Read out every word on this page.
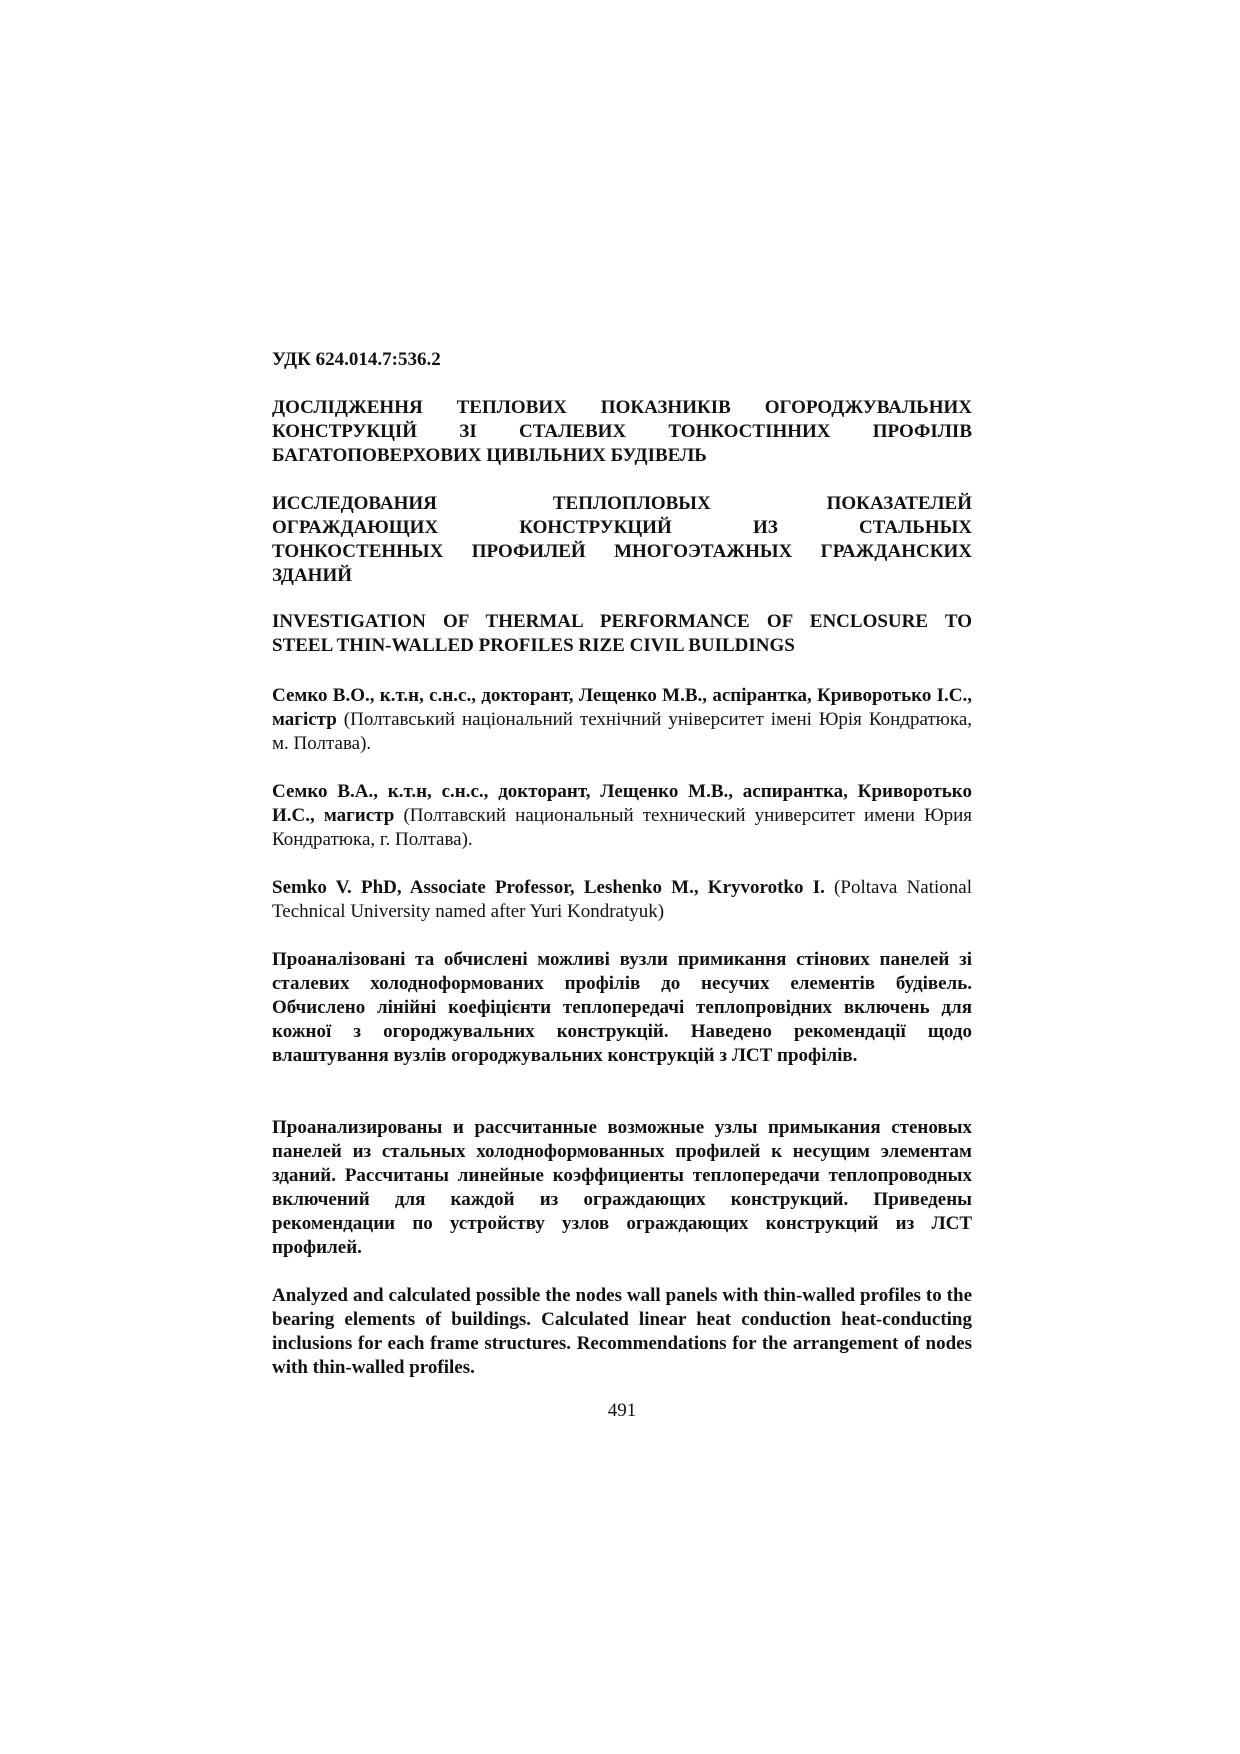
УДК 624.014.7:536.2
ДОСЛІДЖЕННЯ ТЕПЛОВИХ ПОКАЗНИКІВ ОГОРОДЖУВАЛЬНИХ
КОНСТРУКЦІЙ ЗІ СТАЛЕВИХ ТОНКОСТІННИХ ПРОФІЛІВ
БАГАТОПОВЕРХОВИХ ЦИВІЛЬНИХ БУДІВЕЛЬ
ИССЛЕДОВАНИЯ ТЕПЛОПЛОВЫХ ПОКАЗАТЕЛЕЙ
ОГРАЖДАЮЩИХ КОНСТРУКЦИЙ ИЗ СТАЛЬНЫХ
ТОНКОСТЕННЫХ ПРОФИЛЕЙ МНОГОЭТАЖНЫХ ГРАЖДАНСКИХ
ЗДАНИЙ
INVESTIGATION OF THERMAL PERFORMANCE OF ENCLOSURE TO
STEEL THIN-WALLED PROFILES RIZE CIVIL BUILDINGS
Семко В.О., к.т.н, с.н.с., докторант, Лещенко М.В., аспірантка, Криворотько І.С., магістр (Полтавський національний технічний університет імені Юрія Кондратюка, м. Полтава).
Семко В.А., к.т.н, с.н.с., докторант, Лещенко М.В., аспирантка, Криворотько И.С., магистр (Полтавский национальный технический университет имени Юрия Кондратюка, г. Полтава).
Semko V. PhD, Associate Professor, Leshenko M., Kryvorotko I. (Poltava National Technical University named after Yuri Kondratyuk)
Проаналізовані та обчислені можливі вузли примикання стінових панелей зі сталевих холодноформованих профілів до несучих елементів будівель. Обчислено лінійні коефіцієнти теплопередачі теплопровідних включень для кожної з огороджувальних конструкцій. Наведено рекомендації щодо влаштування вузлів огороджувальних конструкцій з ЛСТ профілів.
Проанализированы и рассчитанные возможные узлы примыкания стеновых панелей из стальных холодноформованных профилей к несущим элементам зданий. Рассчитаны линейные коэффициенты теплопередачи теплопроводных включений для каждой из ограждающих конструкций. Приведены рекомендации по устройству узлов ограждающих конструкций из ЛСТ профилей.
Analyzed and calculated possible the nodes wall panels with thin-walled profiles to the bearing elements of buildings. Calculated linear heat conduction heat-conducting inclusions for each frame structures. Recommendations for the arrangement of nodes with thin-walled profiles.
491
